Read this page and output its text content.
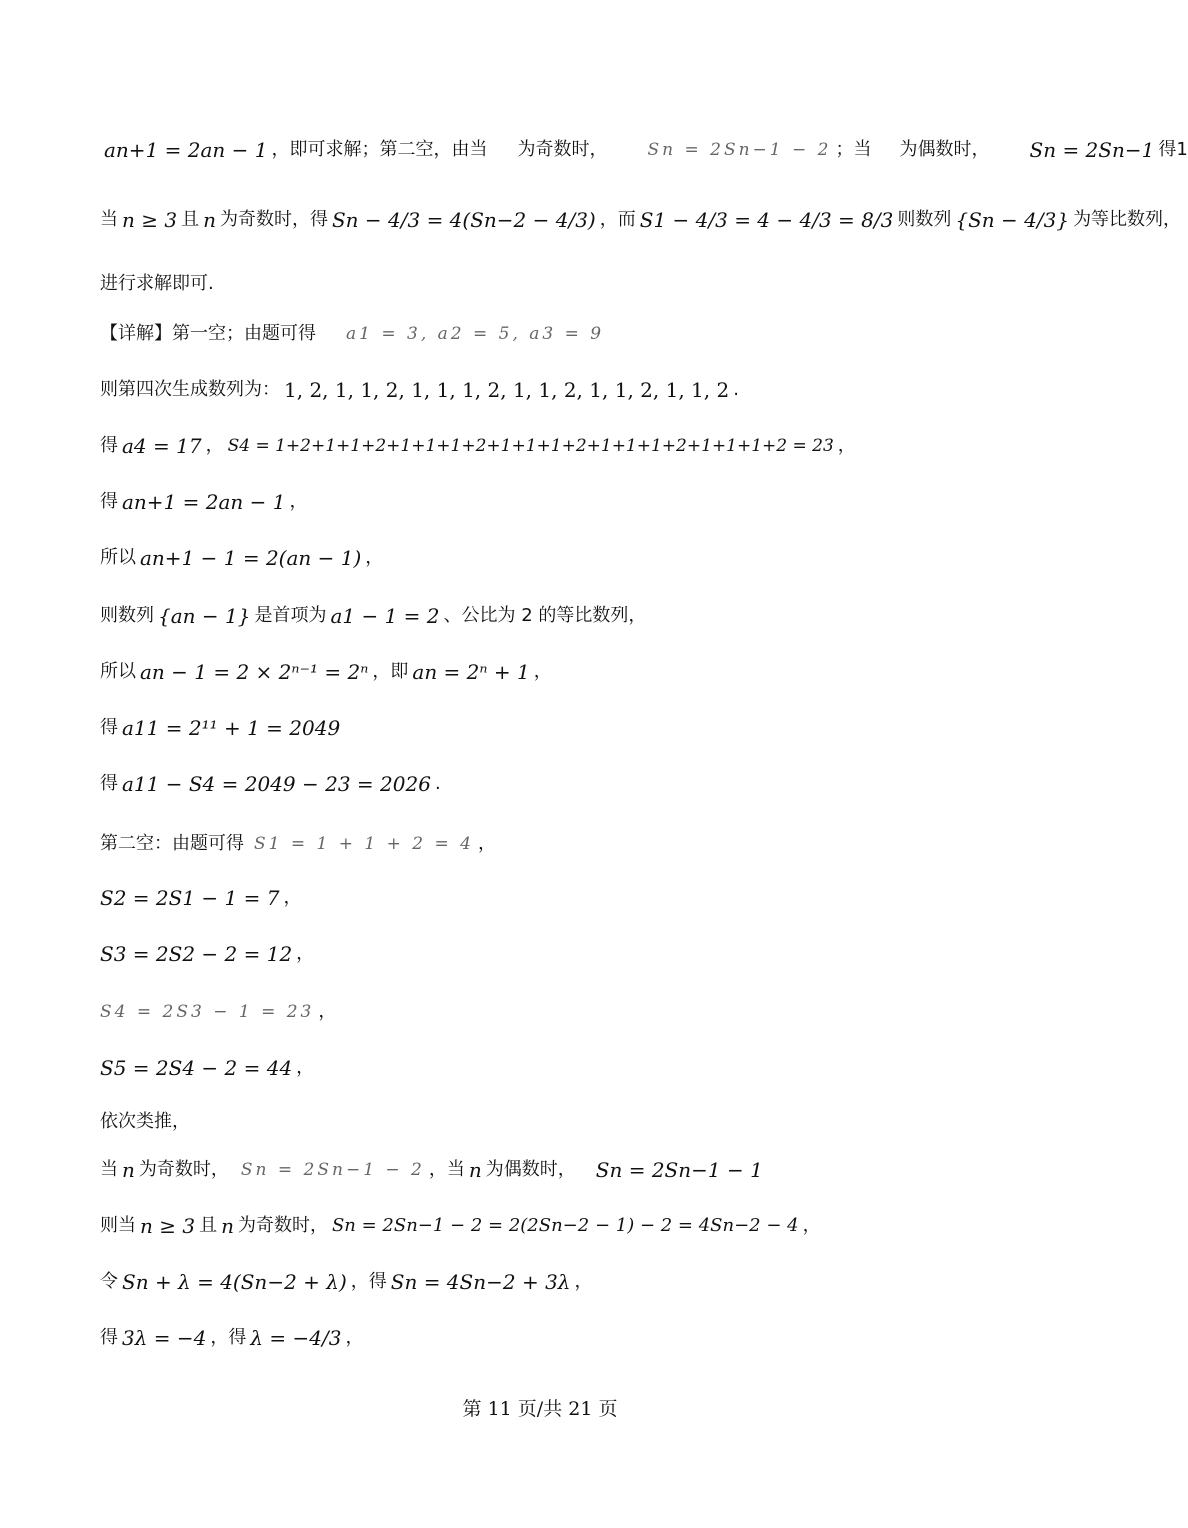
an+1 = 2an − 1 ，即可求解；第二空，由当 为奇数时， Sn = 2Sn−1 − 2 ；当 为偶数时， Sn = 2Sn−1 得1
当 n ≥ 3 且 n 为奇数时，得 Sn − 4/3 = 4(Sn−2 − 4/3) ，而 S1 − 4/3 = 4 − 4/3 = 8/3 则数列 {Sn − 4/3} 为等比数列，
进行求解即可.
【详解】第一空；由题可得 a1 = 3, a2 = 5, a3 = 9
则第四次生成数列为： 1, 2, 1, 1, 2, 1, 1, 1, 2, 1, 1, 2, 1, 1, 2, 1, 1, 2 .
得 a4 = 17 ， S4 = 1+2+1+1+2+1+1+1+2+1+1+1+2+1+1+1+2+1+1+1+2 = 23 ，
得 an+1 = 2an − 1 ，
所以 an+1 − 1 = 2(an − 1) ，
则数列 {an − 1} 是首项为 a1 − 1 = 2 、公比为 2 的等比数列，
所以 an − 1 = 2 × 2ⁿ⁻¹ = 2ⁿ ，即 an = 2ⁿ + 1 ，
得 a11 = 2¹¹ + 1 = 2049
得 a11 − S4 = 2049 − 23 = 2026 .
第二空：由题可得 S1 = 1 + 1 + 2 = 4 ，
S2 = 2S1 − 1 = 7 ，
S3 = 2S2 − 2 = 12 ，
S4 = 2S3 − 1 = 23 ，
S5 = 2S4 − 2 = 44 ，
依次类推，
当 n 为奇数时， Sn = 2Sn−1 − 2 ，当 n 为偶数时， Sn = 2Sn−1 − 1
则当 n ≥ 3 且 n 为奇数时， Sn = 2Sn−1 − 2 = 2(2Sn−2 − 1) − 2 = 4Sn−2 − 4 ，
令 Sn + λ = 4(Sn−2 + λ) ，得 Sn = 4Sn−2 + 3λ ，
得 3λ = −4 ，得 λ = −4/3 ，
第 11 页/共 21 页
